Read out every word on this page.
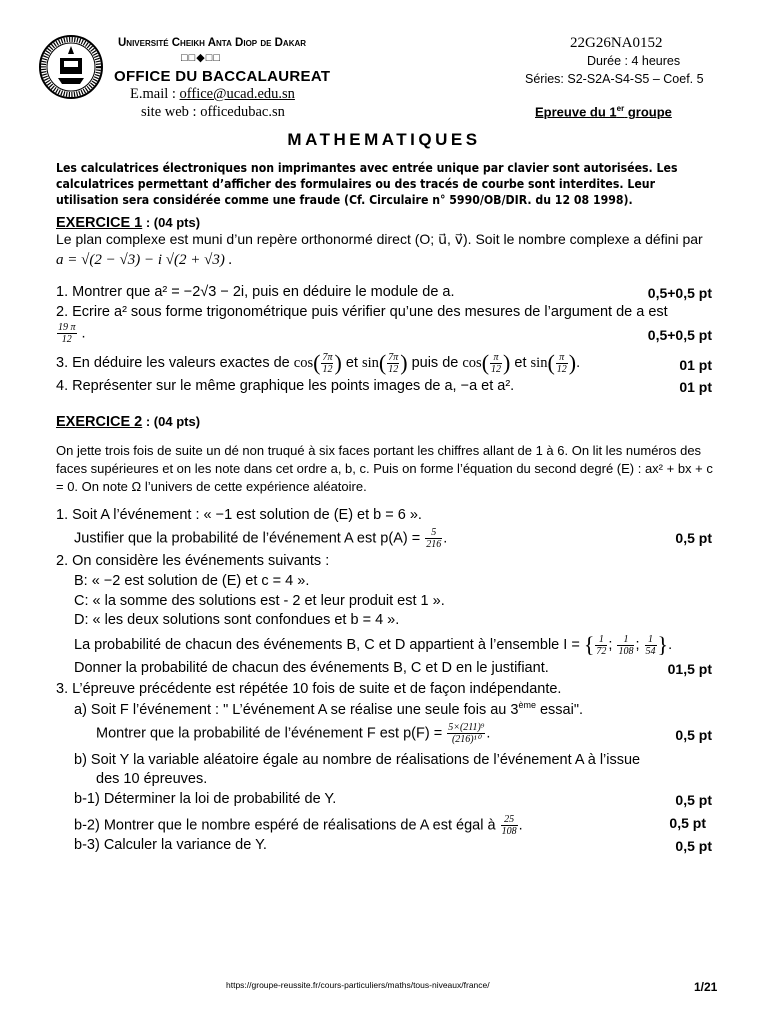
Université Cheikh Anta Diop de Dakar
□□◆□□
OFFICE DU BACCALAUREAT
E.mail : office@ucad.edu.sn
site web : officedubac.sn
22G26NA0152
Durée : 4 heures
Séries: S2-S2A-S4-S5 – Coef. 5
Epreuve du 1er groupe
MATHEMATIQUES
Les calculatrices électroniques non imprimantes avec entrée unique par clavier sont autorisées. Les calculatrices permettant d’afficher des formulaires ou des tracés de courbe sont interdites. Leur utilisation sera considérée comme une fraude (Cf. Circulaire n° 5990/OB/DIR. du 12 08 1998).
EXERCICE 1 : (04 pts)
Le plan complexe est muni d’un repère orthonormé direct (O; u⃗, v⃗). Soit le nombre complexe a défini par
a = √(2 − √3) − i √(2 + √3) .
1. Montrer que a² = −2√3 − 2i, puis en déduire le module de a.	0,5+0,5 pt
2. Ecrire a² sous forme trigonométrique puis vérifier qu’une des mesures de l’argument de a est
$\frac{19 \pi}{12}$ .	0,5+0,5 pt
3. En déduire les valeurs exactes de $\cos( \frac{7\pi}{12}$ ) et $\sin( \frac{7\pi}{12}$ ) puis de $\cos( \frac{\pi}{12}$ ) et $\sin( \frac{\pi}{12}$ ).	01 pt
4. Représenter sur le même graphique les points images de a, −a et a².	01 pt
EXERCICE 2 : (04 pts)
On jette trois fois de suite un dé non truqué à six faces portant les chiffres allant de 1 à 6. On lit les numéros des faces supérieures et on les note dans cet ordre a, b, c. Puis on forme l’équation du second degré (E) : ax² + bx + c = 0. On note Ω l’univers de cette expérience aléatoire.
1. Soit A l’événement : « −1 est solution de (E) et b = 6 ».
Justifier que la probabilité de l’événement A est $p(A) = \frac{5}{216}$ .	0,5 pt
2. On considère les événements suivants :
B: « −2 est solution de (E) et c = 4 ».
C: « la somme des solutions est - 2 et leur produit est 1 ».
D: « les deux solutions sont confondues et b = 4 ».
La probabilité de chacun des événements B, C et D appartient à l’ensemble I = { $\frac{1}{72}$ ; $\frac{1}{108}$ ; $\frac{1}{54}$ }.
Donner la probabilité de chacun des événements B, C et D en le justifiant.	01,5 pt
3. L’épreuve précédente est répétée 10 fois de suite et de façon indépendante.
a) Soit F l’événement : " L’événement A se réalise une seule fois au 3ème essai".
Montrer que la probabilité de l’événement F est $p(F) = \frac{\text{5×(211)⁹}}{\text{(216)¹⁰}}$ .	0,5 pt
b) Soit Y la variable aléatoire égale au nombre de réalisations de l’événement A à l’issue
des 10 épreuves.
b-1) Déterminer la loi de probabilité de Y.	0,5 pt
b-2) Montrer que le nombre espéré de réalisations de A est égal à $\frac{25}{108}$ .	0,5 pt
b-3) Calculer la variance de Y.	0,5 pt
https://groupe-reussite.fr/cours-particuliers/maths/tous-niveaux/france/	1/21
